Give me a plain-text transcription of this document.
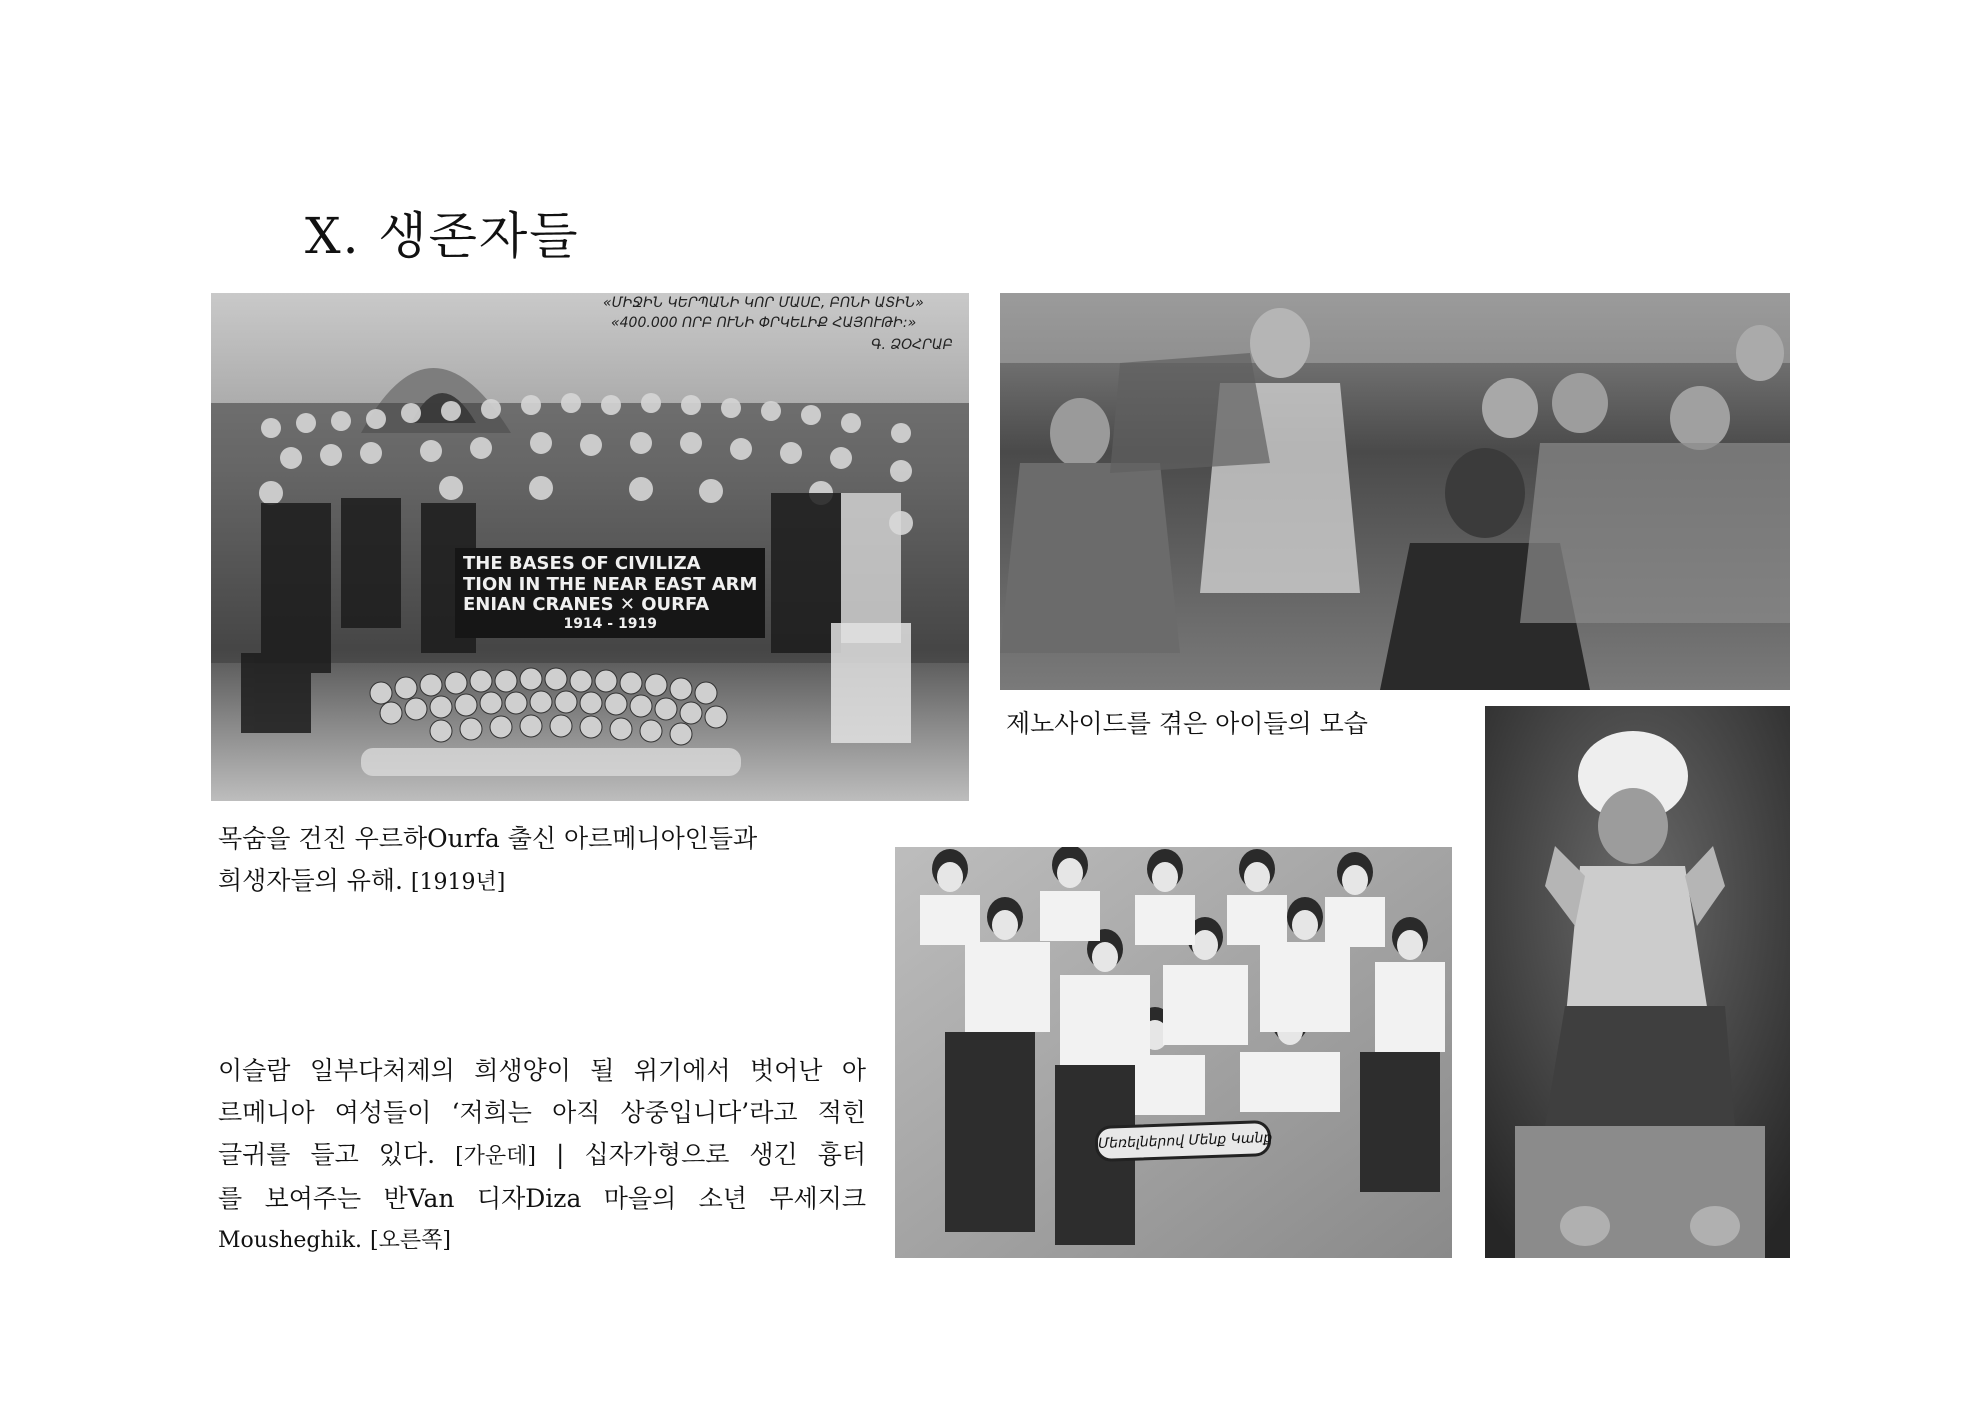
Ⅹ. 생존자들
«ՄԻՋԻՆ ԿԵՐՊԱՆԻ ԿՈՐ ՄԱՍԸ, ԲՈՆԻ ԱՏԻՆ»
«400.000 ՈՐԲ ՈՒՆԻ ՓՐԿԵԼԻՔ ՀԱՅՈՒԹԻ:»
Գ. ՁՕՀՐԱԲ
THE BASES OF CIVILIZA
TION IN THE NEAR EAST ARM
ENIAN CRANES ✕ OURFA
1914 - 1919
Մեռելներով Մենք Կանք
목숨을 건진 우르하Ourfa 출신 아르메니아인들과
희생자들의 유해. [1919년]
제노사이드를 겪은 아이들의 모습
이슬람 일부다처제의 희생양이 될 위기에서 벗어난 아
르메니아 여성들이 ‘저희는 아직 상중입니다’라고 적힌
글귀를 들고 있다. [가운데] | 십자가형으로 생긴 흉터
를 보여주는 반Van 디자Diza 마을의 소년 무세지크
Mousheghik. [오른쪽]
